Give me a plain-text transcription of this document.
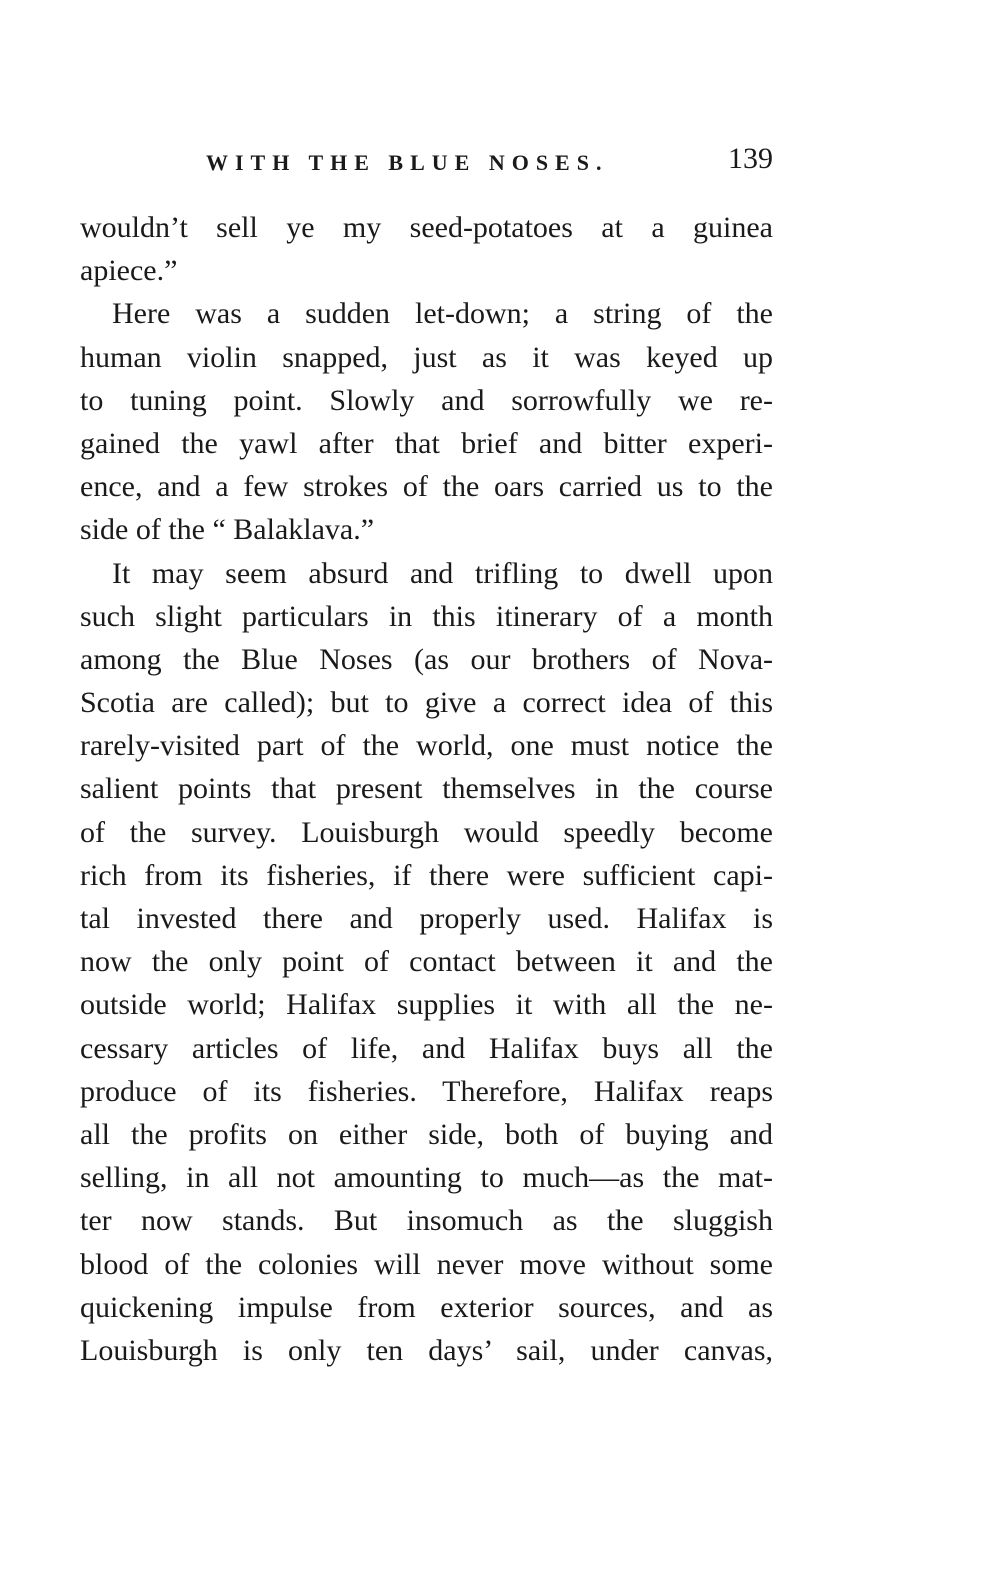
WITH THE BLUE NOSES.	139
wouldn’t sell ye my seed-potatoes at a guinea
apiece.”
Here was a sudden let-down; a string of the
human violin snapped, just as it was keyed up
to tuning point. Slowly and sorrowfully we re-
gained the yawl after that brief and bitter experi-
ence, and a few strokes of the oars carried us to the
side of the “ Balaklava.”
It may seem absurd and trifling to dwell upon
such slight particulars in this itinerary of a month
among the Blue Noses (as our brothers of Nova-
Scotia are called); but to give a correct idea of this
rarely-visited part of the world, one must notice the
salient points that present themselves in the course
of the survey. Louisburgh would speedly become
rich from its fisheries, if there were sufficient capi-
tal invested there and properly used. Halifax is
now the only point of contact between it and the
outside world; Halifax supplies it with all the ne-
cessary articles of life, and Halifax buys all the
produce of its fisheries. Therefore, Halifax reaps
all the profits on either side, both of buying and
selling, in all not amounting to much—as the mat-
ter now stands. But insomuch as the sluggish
blood of the colonies will never move without some
quickening impulse from exterior sources, and as
Louisburgh is only ten days’ sail, under canvas,
